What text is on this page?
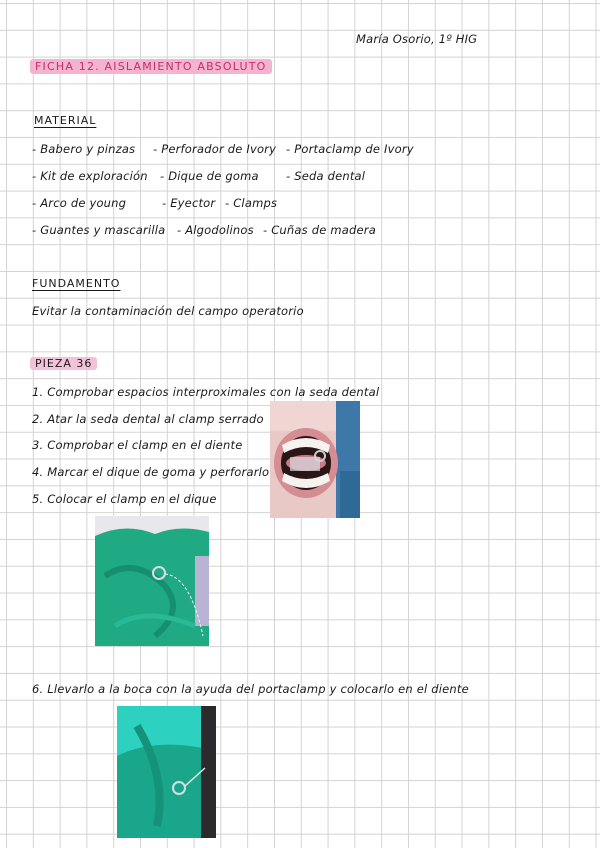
María Osorio, 1º HIG
FICHA 12. AISLAMIENTO ABSOLUTO
MATERIAL
- Babero y pinzas - Perforador de Ivory - Portaclamp de Ivory
- Kit de exploración - Dique de goma - Seda dental
- Arco de young	- Eyector - Clamps
- Guantes y mascarilla - Algodolinos - Cuñas de madera
FUNDAMENTO
Evitar la contaminación del campo operatorio
PIEZA 36
1. Comprobar espacios interproximales con la seda dental
2. Atar la seda dental al clamp serrado
3. Comprobar el clamp en el diente
4. Marcar el dique de goma y perforarlo
5. Colocar el clamp en el dique
6. Llevarlo a la boca con la ayuda del portaclamp y colocarlo en el diente
